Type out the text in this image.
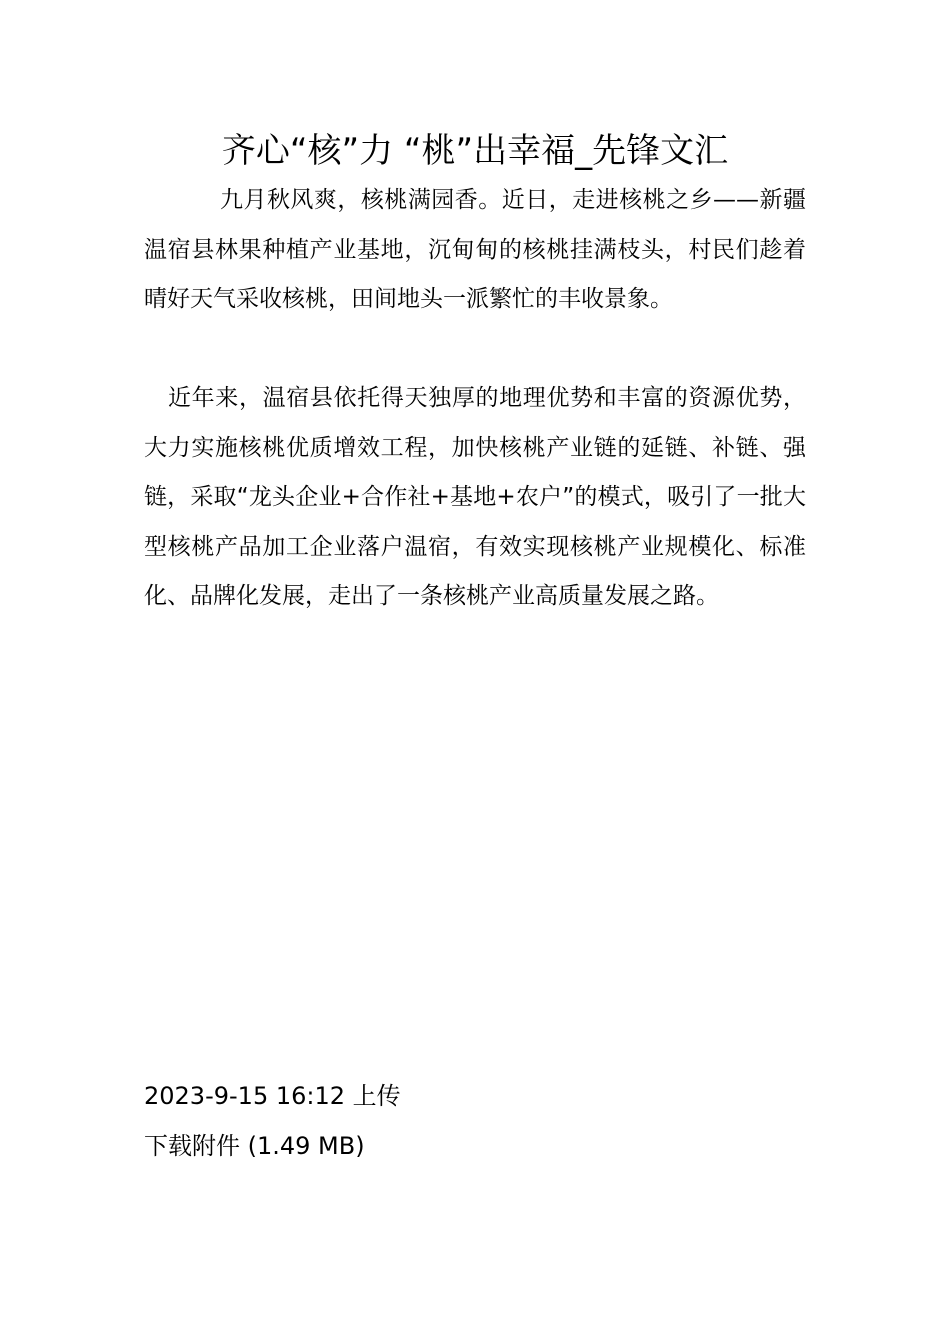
齐心“核”力 “桃”出幸福_先锋文汇

九月秋风爽，核桃满园香。近日，走进核桃之乡——新疆温宿县林果种植产业基地，沉甸甸的核桃挂满枝头，村民们趁着晴好天气采收核桃，田间地头一派繁忙的丰收景象。

近年来，温宿县依托得天独厚的地理优势和丰富的资源优势，大力实施核桃优质增效工程，加快核桃产业链的延链、补链、强链，采取“龙头企业+合作社+基地+农户”的模式，吸引了一批大型核桃产品加工企业落户温宿，有效实现核桃产业规模化、标准化、品牌化发展，走出了一条核桃产业高质量发展之路。

2023-9-15 16:12 上传

下载附件 (1.49 MB)
